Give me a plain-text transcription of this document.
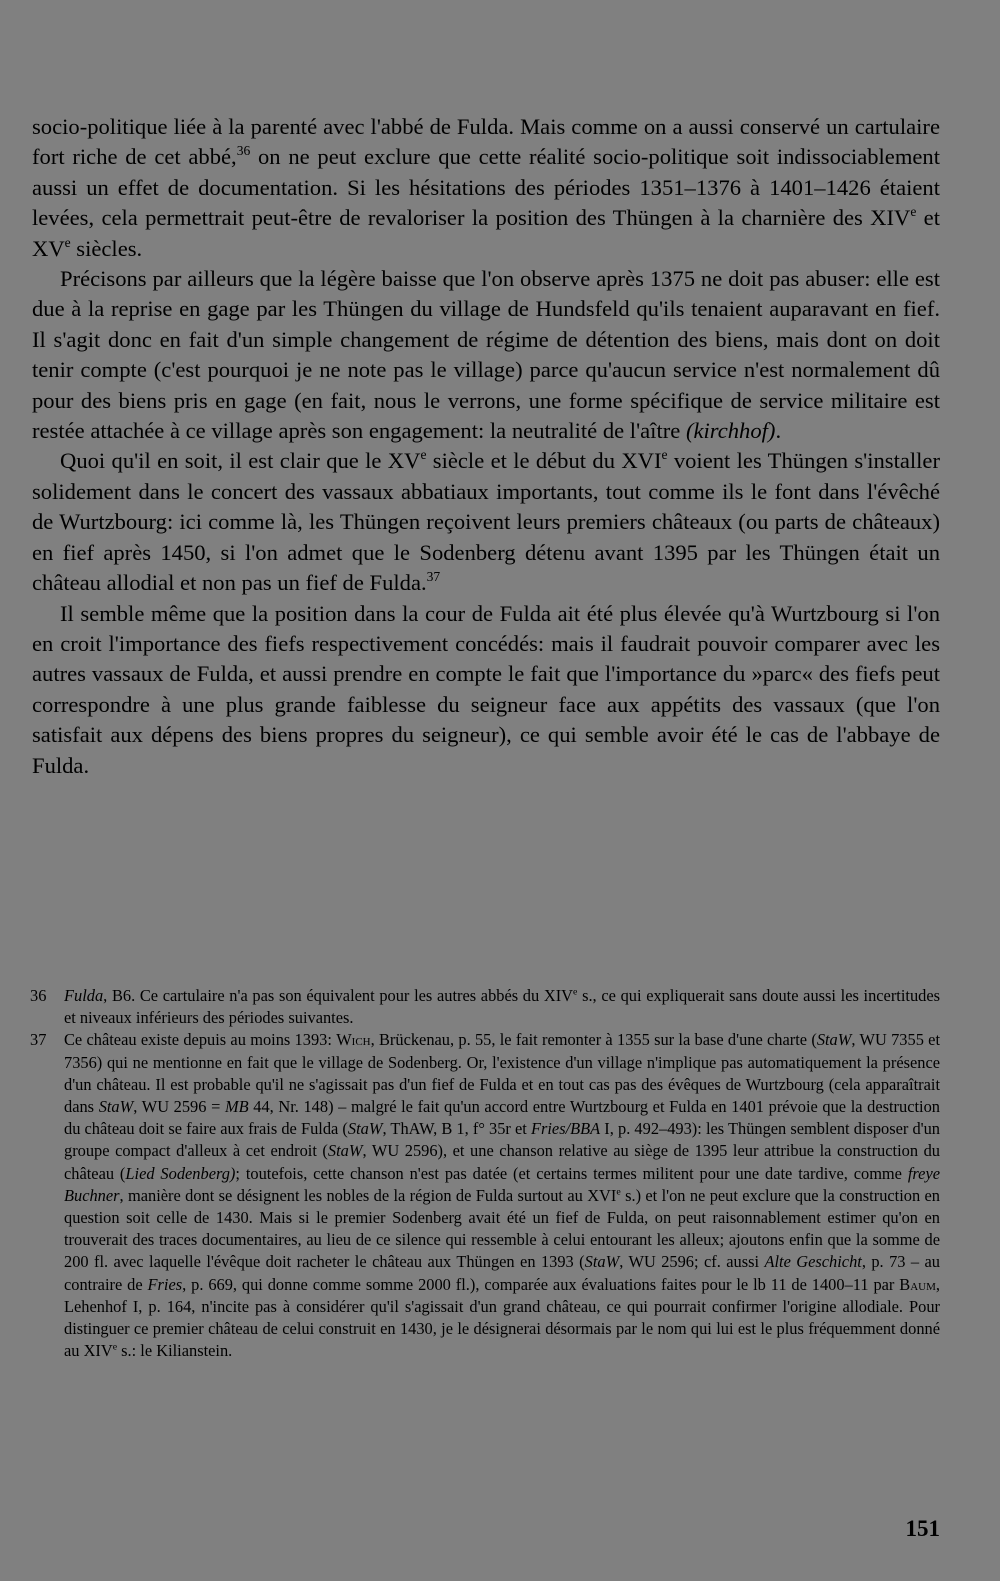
socio-politique liée à la parenté avec l'abbé de Fulda. Mais comme on a aussi conservé un cartulaire fort riche de cet abbé,$^{36}$ on ne peut exclure que cette réalité socio-politique soit indissociablement aussi un effet de documentation. Si les hésitations des périodes 1351–1376 à 1401–1426 étaient levées, cela permettrait peut-être de revaloriser la position des Thüngen à la charnière des XIVe et XVe siècles.

Précisons par ailleurs que la légère baisse que l'on observe après 1375 ne doit pas abuser: elle est due à la reprise en gage par les Thüngen du village de Hundsfeld qu'ils tenaient auparavant en fief. Il s'agit donc en fait d'un simple changement de régime de détention des biens, mais dont on doit tenir compte (c'est pourquoi je ne note pas le village) parce qu'aucun service n'est normalement dû pour des biens pris en gage (en fait, nous le verrons, une forme spécifique de service militaire est restée attachée à ce village après son engagement: la neutralité de l'aître (kirchhof).

Quoi qu'il en soit, il est clair que le XVe siècle et le début du XVIe voient les Thüngen s'installer solidement dans le concert des vassaux abbatiaux importants, tout comme ils le font dans l'évêché de Wurtzbourg: ici comme là, les Thüngen reçoivent leurs premiers châteaux (ou parts de châteaux) en fief après 1450, si l'on admet que le Sodenberg détenu avant 1395 par les Thüngen était un château allodial et non pas un fief de Fulda.$^{37}$

Il semble même que la position dans la cour de Fulda ait été plus élevée qu'à Wurtzbourg si l'on en croit l'importance des fiefs respectivement concédés: mais il faudrait pouvoir comparer avec les autres vassaux de Fulda, et aussi prendre en compte le fait que l'importance du »parc« des fiefs peut correspondre à une plus grande faiblesse du seigneur face aux appétits des vassaux (que l'on satisfait aux dépens des biens propres du seigneur), ce qui semble avoir été le cas de l'abbaye de Fulda.

36	Fulda, B6. Ce cartulaire n'a pas son équivalent pour les autres abbés du XIVe s., ce qui expliquerait sans doute aussi les incertitudes et niveaux inférieurs des périodes suivantes.
37	Ce château existe depuis au moins 1393: Wich, Brückenau, p. 55, le fait remonter à 1355 sur la base d'une charte (StaW, WU 7355 et 7356) qui ne mentionne en fait que le village de Sodenberg. Or, l'existence d'un village n'implique pas automatiquement la présence d'un château. Il est probable qu'il ne s'agissait pas d'un fief de Fulda et en tout cas pas des évêques de Wurtzbourg (cela apparaîtrait dans StaW, WU 2596 = MB 44, Nr. 148) – malgré le fait qu'un accord entre Wurtzbourg et Fulda en 1401 prévoie que la destruction du château doit se faire aux frais de Fulda (StaW, ThAW, B 1, f° 35r et Fries/BBA I, p. 492–493): les Thüngen semblent disposer d'un groupe compact d'alleux à cet endroit (StaW, WU 2596), et une chanson relative au siège de 1395 leur attribue la construction du château (Lied Sodenberg); toutefois, cette chanson n'est pas datée (et certains termes militent pour une date tardive, comme freye Buchner, manière dont se désignent les nobles de la région de Fulda surtout au XVIe s.) et l'on ne peut exclure que la construction en question soit celle de 1430. Mais si le premier Sodenberg avait été un fief de Fulda, on peut raisonnablement estimer qu'on en trouverait des traces documentaires, au lieu de ce silence qui ressemble à celui entourant les alleux; ajoutons enfin que la somme de 200 fl. avec laquelle l'évêque doit racheter le château aux Thüngen en 1393 (StaW, WU 2596; cf. aussi Alte Geschicht, p. 73 – au contraire de Fries, p. 669, qui donne comme somme 2000 fl.), comparée aux évaluations faites pour le lb 11 de 1400–11 par Baum, Lehenhof I, p. 164, n'incite pas à considérer qu'il s'agissait d'un grand château, ce qui pourrait confirmer l'origine allodiale. Pour distinguer ce premier château de celui construit en 1430, je le désignerai désormais par le nom qui lui est le plus fréquemment donné au XIVe s.: le Kilianstein.
151
